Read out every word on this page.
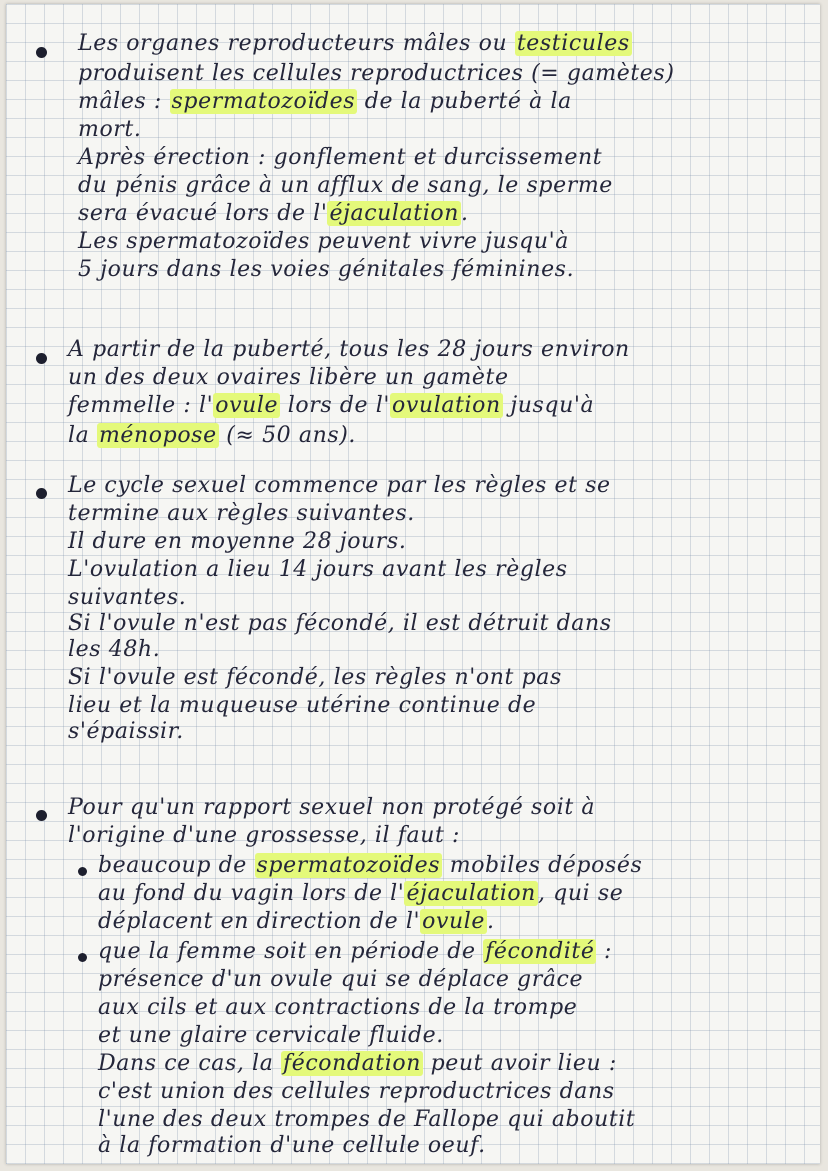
Les organes reproducteurs mâles ou testicules

produisent les cellules reproductrices (= gamètes)

mâles : spermatozoïdes de la puberté à la

mort.

Après érection : gonflement et durcissement

du pénis grâce à un afflux de sang, le sperme

sera évacué lors de l'éjaculation.

Les spermatozoïdes peuvent vivre jusqu'à

5 jours dans les voies génitales féminines.

A partir de la puberté, tous les 28 jours environ

un des deux ovaires libère un gamète

femmelle : l'ovule lors de l'ovulation jusqu'à

la ménopose (≈ 50 ans).

Le cycle sexuel commence par les règles et se

termine aux règles suivantes.

Il dure en moyenne 28 jours.

L'ovulation a lieu 14 jours avant les règles

suivantes.

Si l'ovule n'est pas fécondé, il est détruit dans

les 48h.

Si l'ovule est fécondé, les règles n'ont pas

lieu et la muqueuse utérine continue de

s'épaissir.

Pour qu'un rapport sexuel non protégé soit à

l'origine d'une grossesse, il faut :

beaucoup de spermatozoïdes mobiles déposés

au fond du vagin lors de l'éjaculation, qui se

déplacent en direction de l'ovule.

que la femme soit en période de fécondité :

présence d'un ovule qui se déplace grâce

aux cils et aux contractions de la trompe

et une glaire cervicale fluide.

Dans ce cas, la fécondation peut avoir lieu :

c'est union des cellules reproductrices dans

l'une des deux trompes de Fallope qui aboutit

à la formation d'une cellule oeuf.
